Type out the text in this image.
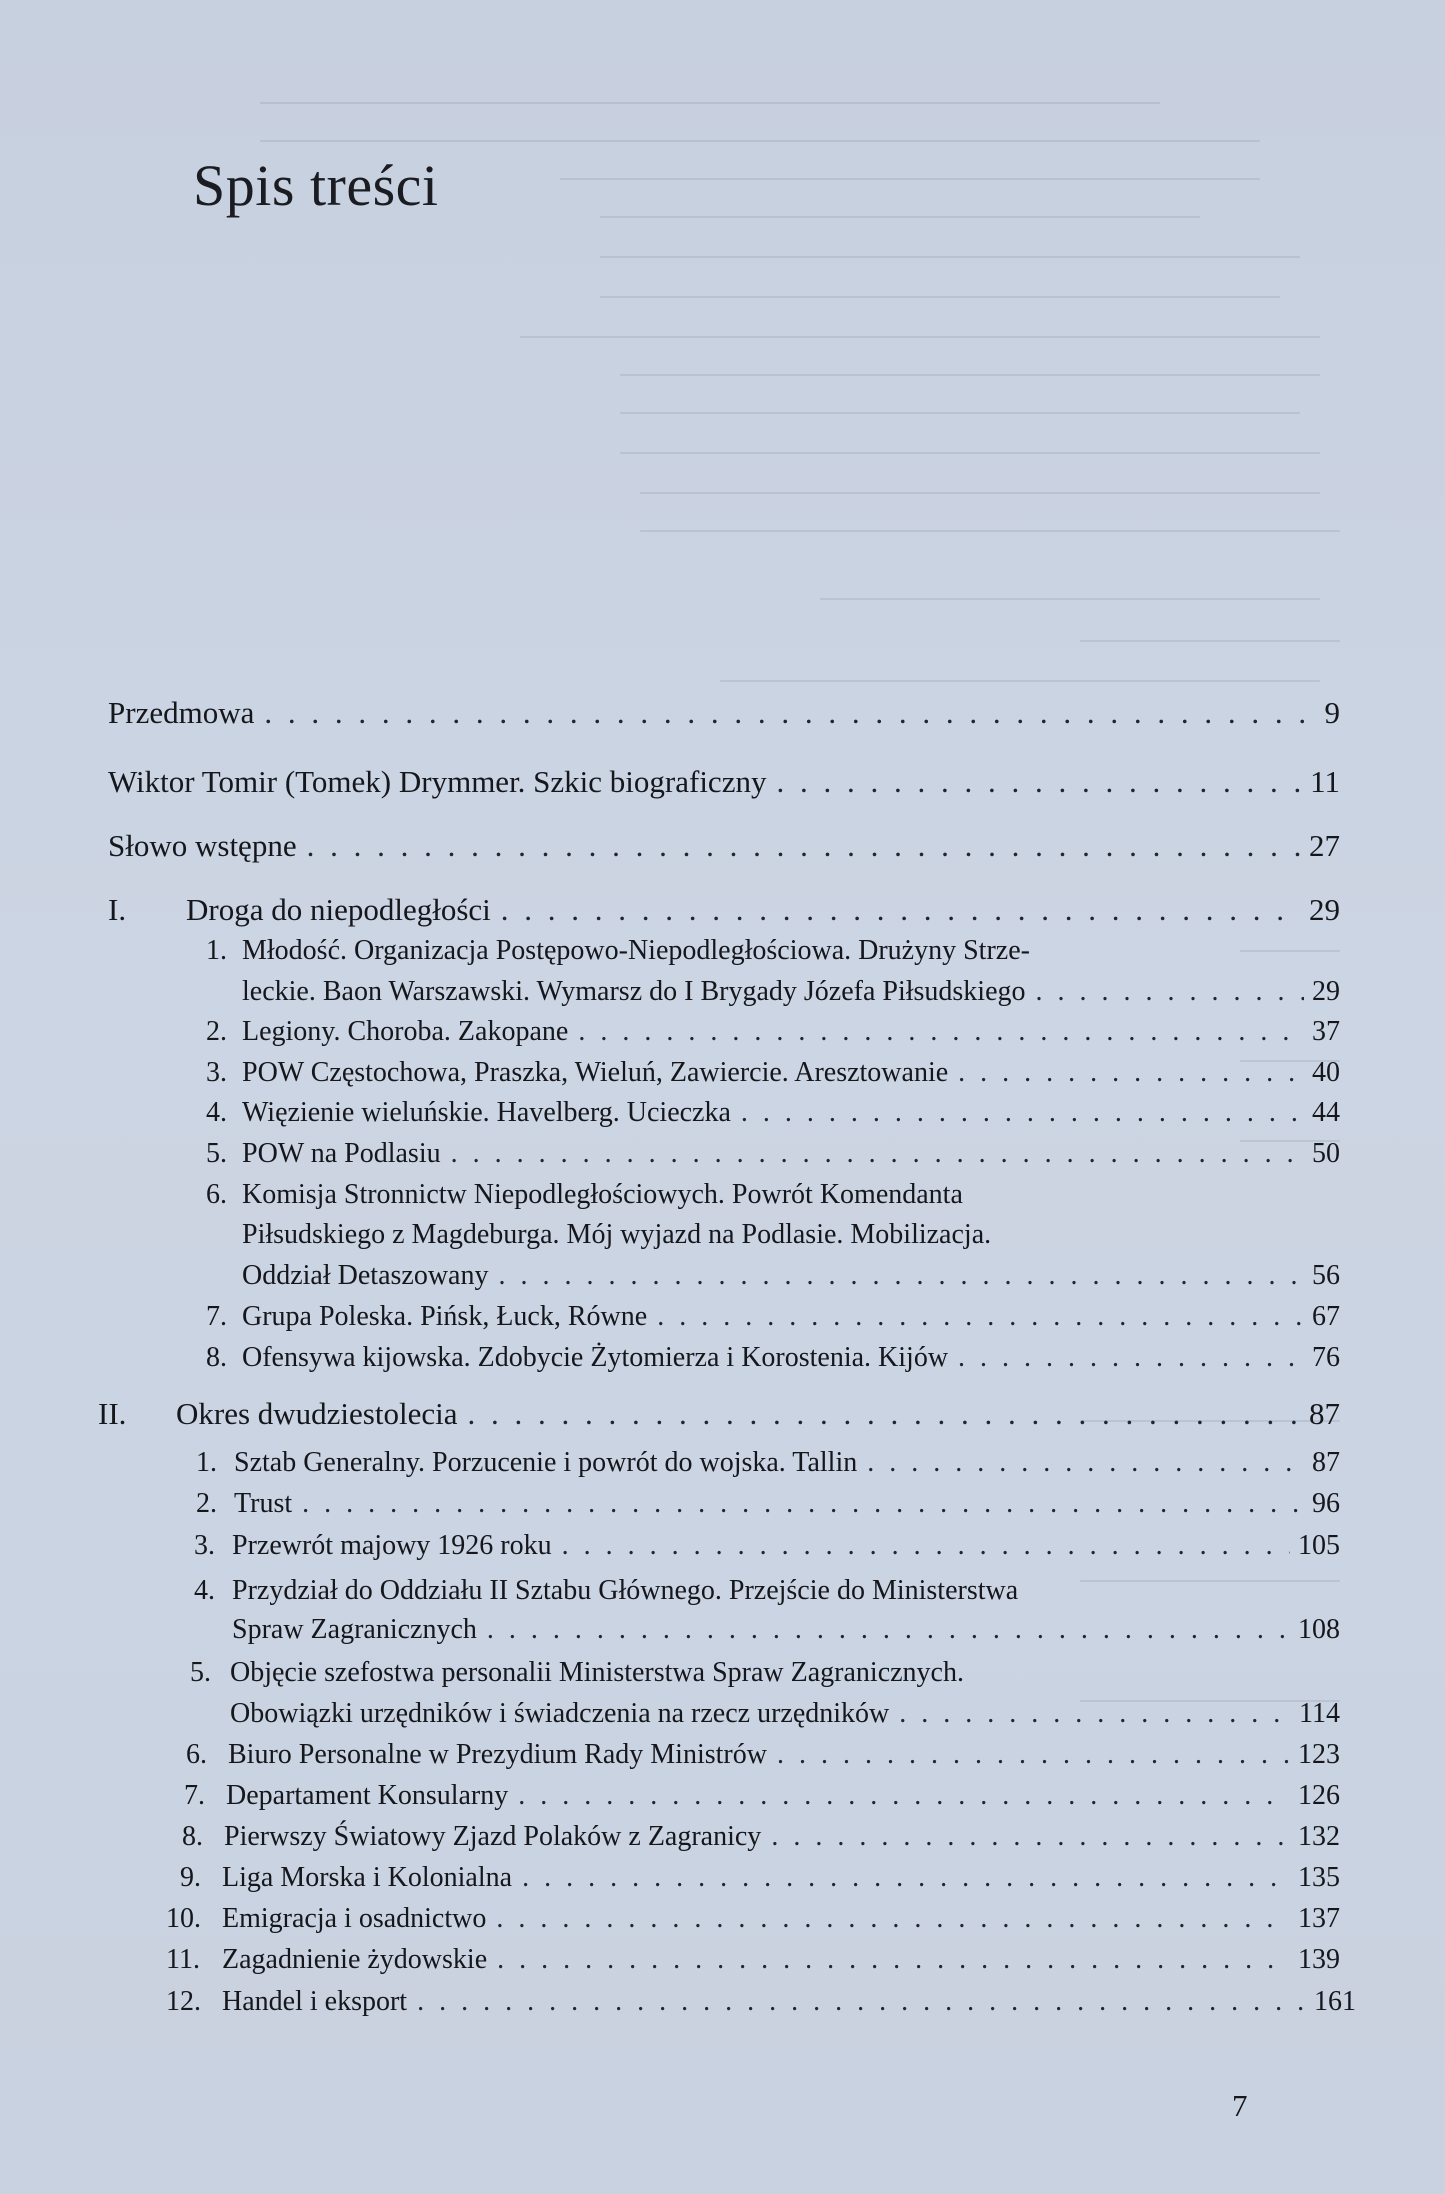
Spis treści
Przedmowa . . .	9
Wiktor Tomir (Tomek) Drymmer. Szkic biograficzny . . .	11
Słowo wstępne . . .	27
I.	Droga do niepodległości . . .	29
1. Młodość. Organizacja Postępowo-Niepodległościowa. Drużyny Strze-
leckie. Baon Warszawski. Wymarsz do I Brygady Józefa Piłsudskiego . . .	29
2. Legiony. Choroba. Zakopane . . .	37
3. POW Częstochowa, Praszka, Wieluń, Zawiercie. Aresztowanie . . .	40
4. Więzienie wieluńskie. Havelberg. Ucieczka . . .	44
5. POW na Podlasiu . . .	50
6. Komisja Stronnictw Niepodległościowych. Powrót Komendanta
Piłsudskiego z Magdeburga. Mój wyjazd na Podlasie. Mobilizacja.
Oddział Detaszowany . . .	56
7. Grupa Poleska. Pińsk, Łuck, Równe . . .	67
8. Ofensywa kijowska. Zdobycie Żytomierza i Korostenia. Kijów . . .	76
II.	Okres dwudziestolecia . . .	87
1. Sztab Generalny. Porzucenie i powrót do wojska. Tallin . . .	87
2. Trust . . .	96
3. Przewrót majowy 1926 roku . . .	105
4. Przydział do Oddziału II Sztabu Głównego. Przejście do Ministerstwa
Spraw Zagranicznych . . .	108
5. Objęcie szefostwa personalii Ministerstwa Spraw Zagranicznych.
Obowiązki urzędników i świadczenia na rzecz urzędników . . .	114
6. Biuro Personalne w Prezydium Rady Ministrów . . .	123
7. Departament Konsularny . . .	126
8. Pierwszy Światowy Zjazd Polaków z Zagranicy . . .	132
9. Liga Morska i Kolonialna . . .	135
10. Emigracja i osadnictwo . . .	137
11. Zagadnienie żydowskie . . .	139
12. Handel i eksport . . .	161
7
